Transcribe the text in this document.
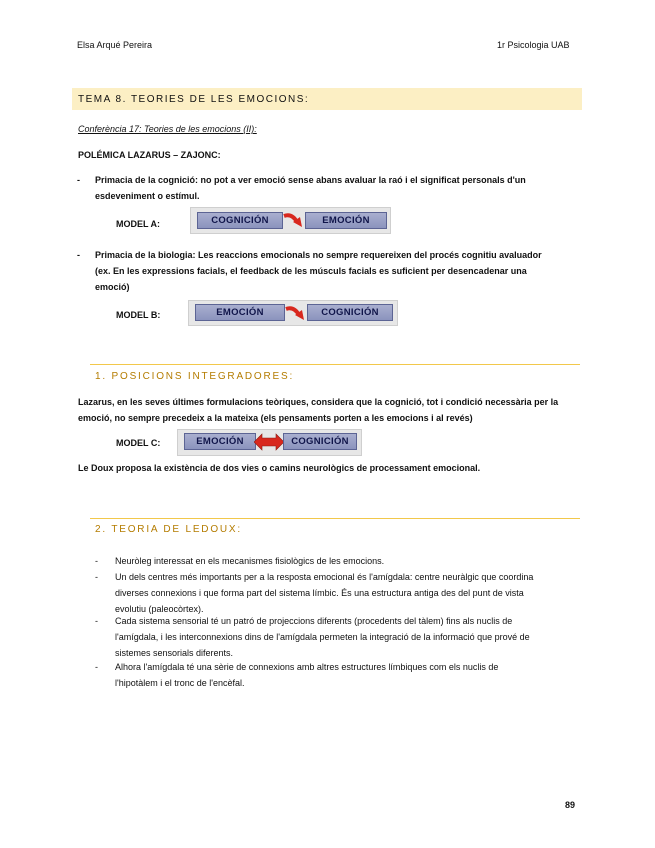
Elsa Arqué Pereira	1r Psicologia UAB
TEMA 8. TEORIES DE LES EMOCIONS:
Conferència 17: Teories de les emocions (II):
POLÉMICA LAZARUS – ZAJONC:
- Primacia de la cognició: no pot a ver emoció sense abans avaluar la raó i el significat personals d'un
esdeveniment o estímul.
MODEL A:	COGNICIÓN	EMOCIÓN
- Primacia de la biologia: Les reaccions emocionals no sempre requereixen del procés cognitiu avaluador
(ex. En les expressions facials, el feedback de les músculs facials es suficient per desencadenar una
emoció)
MODEL B:	EMOCIÓN	COGNICIÓN
1. POSICIONS INTEGRADORES:
Lazarus, en les seves últimes formulacions teòriques, considera que la cognició, tot i condició necessària per la
emoció, no sempre precedeix a la mateixa (els pensaments porten a les emocions i al revés)
MODEL C:	EMOCIÓN	COGNICIÓN
Le Doux proposa la existència de dos vies o camins neurològics de processament emocional.
2. TEORIA DE LEDOUX:
- Neuròleg interessat en els mecanismes fisiològics de les emocions.
- Un dels centres més importants per a la resposta emocional és l'amígdala: centre neuràlgic que coordina
diverses connexions i que forma part del sistema límbic. És una estructura antiga des del punt de vista
evolutiu (paleocòrtex).
- Cada sistema sensorial té un patró de projeccions diferents (procedents del tàlem) fins als nuclis de
l'amígdala, i les interconnexions dins de l'amígdala permeten la integració de la informació que prové de
sistemes sensorials diferents.
- Alhora l'amígdala té una sèrie de connexions amb altres estructures límbiques com els nuclis de
l'hipotàlem i el tronc de l'encèfal.
89
